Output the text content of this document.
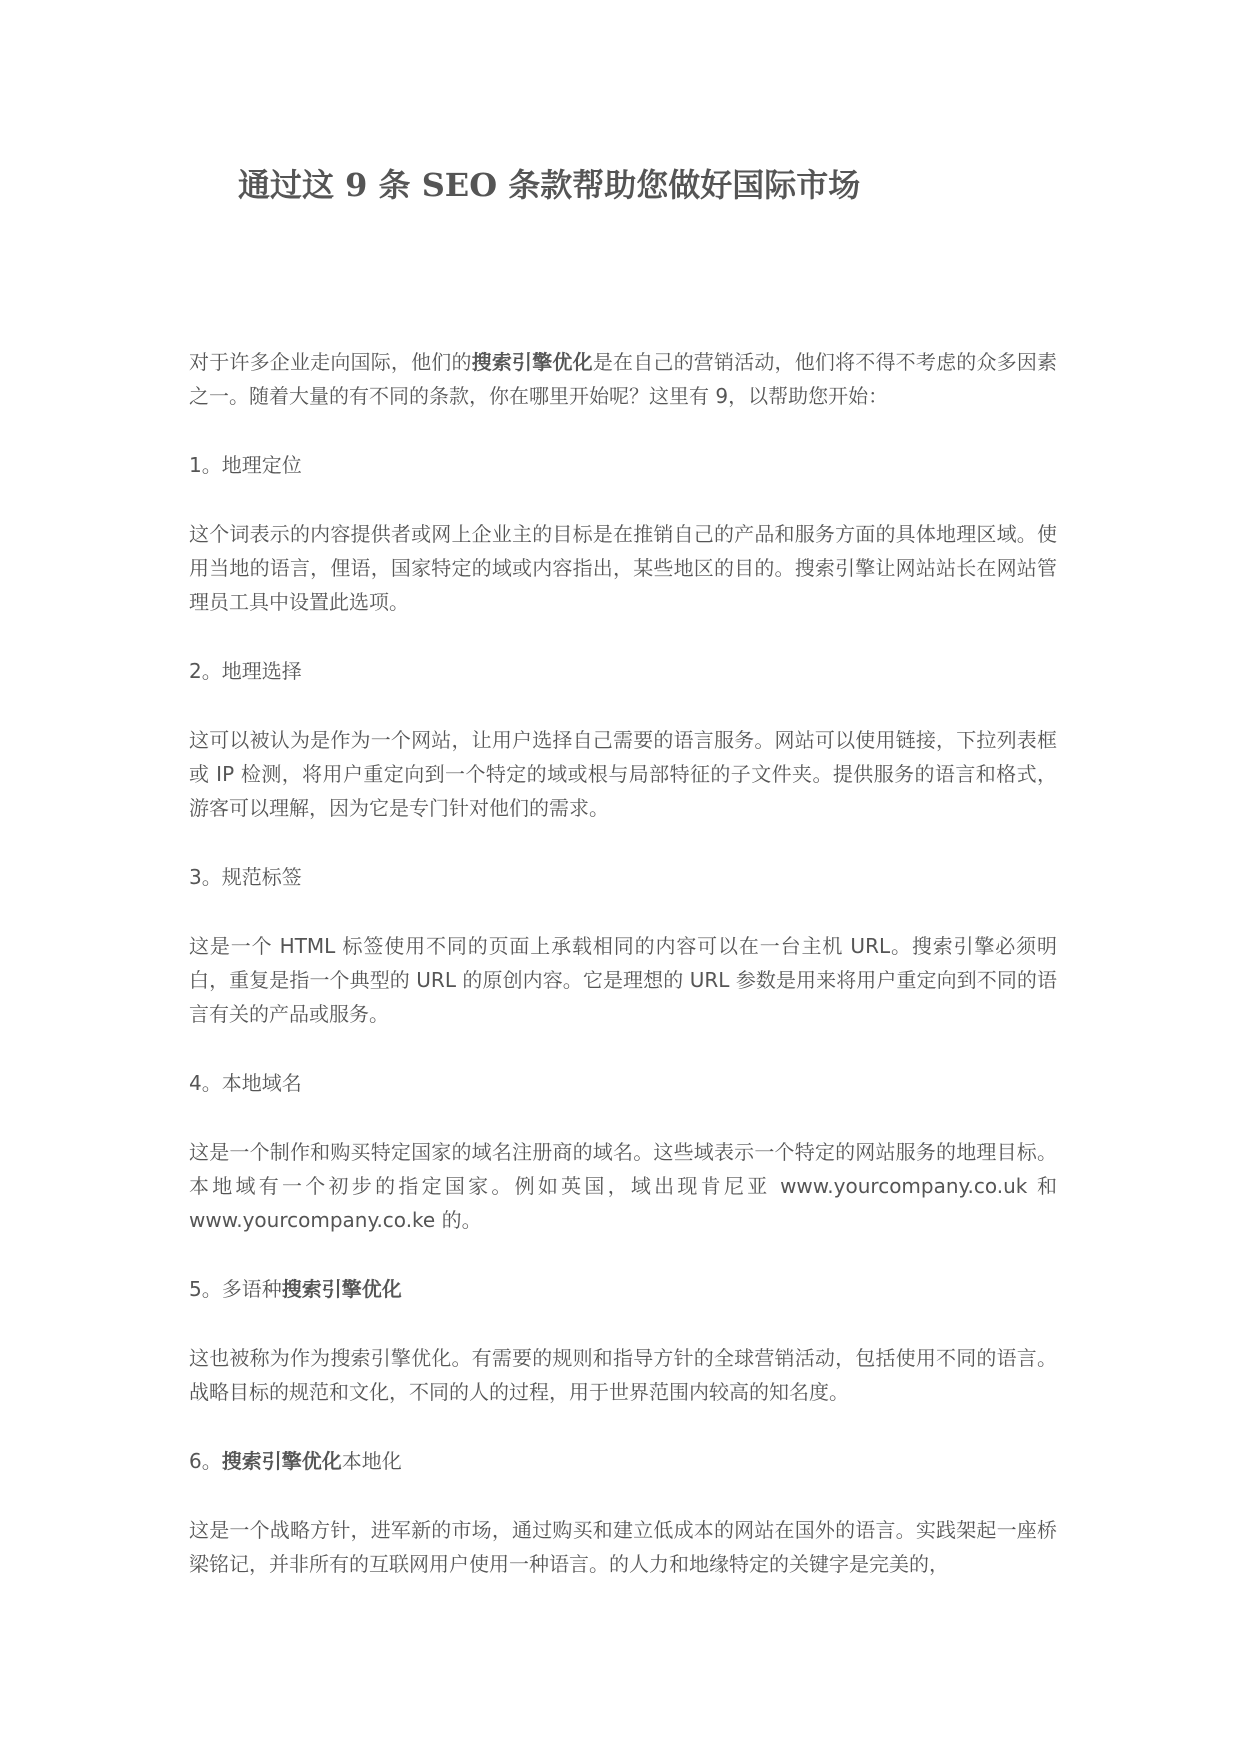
通过这 9 条 SEO 条款帮助您做好国际市场

对于许多企业走向国际，他们的搜索引擎优化是在自己的营销活动，他们将不得不考虑的众多因素之一。随着大量的有不同的条款，你在哪里开始呢？这里有 9，以帮助您开始：

1。地理定位

这个词表示的内容提供者或网上企业主的目标是在推销自己的产品和服务方面的具体地理区域。使用当地的语言，俚语，国家特定的域或内容指出，某些地区的目的。搜索引擎让网站站长在网站管理员工具中设置此选项。

2。地理选择

这可以被认为是作为一个网站，让用户选择自己需要的语言服务。网站可以使用链接，下拉列表框或 IP 检测，将用户重定向到一个特定的域或根与局部特征的子文件夹。提供服务的语言和格式，游客可以理解，因为它是专门针对他们的需求。

3。规范标签

这是一个 HTML 标签使用不同的页面上承载相同的内容可以在一台主机 URL。搜索引擎必须明白，重复是指一个典型的 URL 的原创内容。它是理想的 URL 参数是用来将用户重定向到不同的语言有关的产品或服务。

4。本地域名

这是一个制作和购买特定国家的域名注册商的域名。这些域表示一个特定的网站服务的地理目标。本地域有一个初步的指定国家。例如英国，域出现肯尼亚 www.yourcompany.co.uk 和 www.yourcompany.co.ke 的。

5。多语种搜索引擎优化

这也被称为作为搜索引擎优化。有需要的规则和指导方针的全球营销活动，包括使用不同的语言。战略目标的规范和文化，不同的人的过程，用于世界范围内较高的知名度。

6。搜索引擎优化本地化

这是一个战略方针，进军新的市场，通过购买和建立低成本的网站在国外的语言。实践架起一座桥梁铭记，并非所有的互联网用户使用一种语言。的人力和地缘特定的关键字是完美的，
